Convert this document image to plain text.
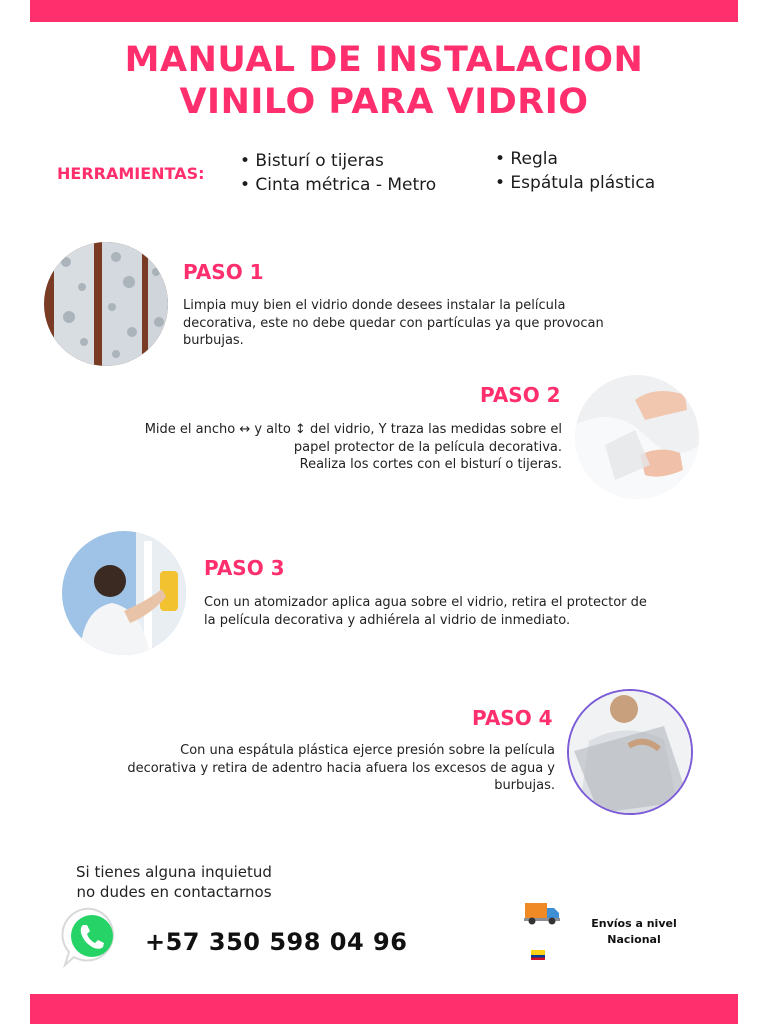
MANUAL DE INSTALACION
VINILO PARA VIDRIO
HERRAMIENTAS:
• Bisturí o tijeras
• Cinta métrica - Metro
• Regla
• Espátula plástica
PASO 1
Limpia muy bien el vidrio donde desees instalar la película
decorativa, este no debe quedar con partículas ya que provocan
burbujas.
PASO 2
Mide el ancho ↔ y alto ↕ del vidrio, Y traza las medidas sobre el
papel protector de la película decorativa.
Realiza los cortes con el bisturí o tijeras.
PASO 3
Con un atomizador aplica agua sobre el vidrio, retira el protector de
la película decorativa y adhiérela al vidrio de inmediato.
PASO 4
Con una espátula plástica ejerce presión sobre la película
decorativa y retira de adentro hacia afuera los excesos de agua y
burbujas.
Si tienes alguna inquietud
no dudes en contactarnos
+57 350 598 04 96
Envíos a nivel
Nacional
